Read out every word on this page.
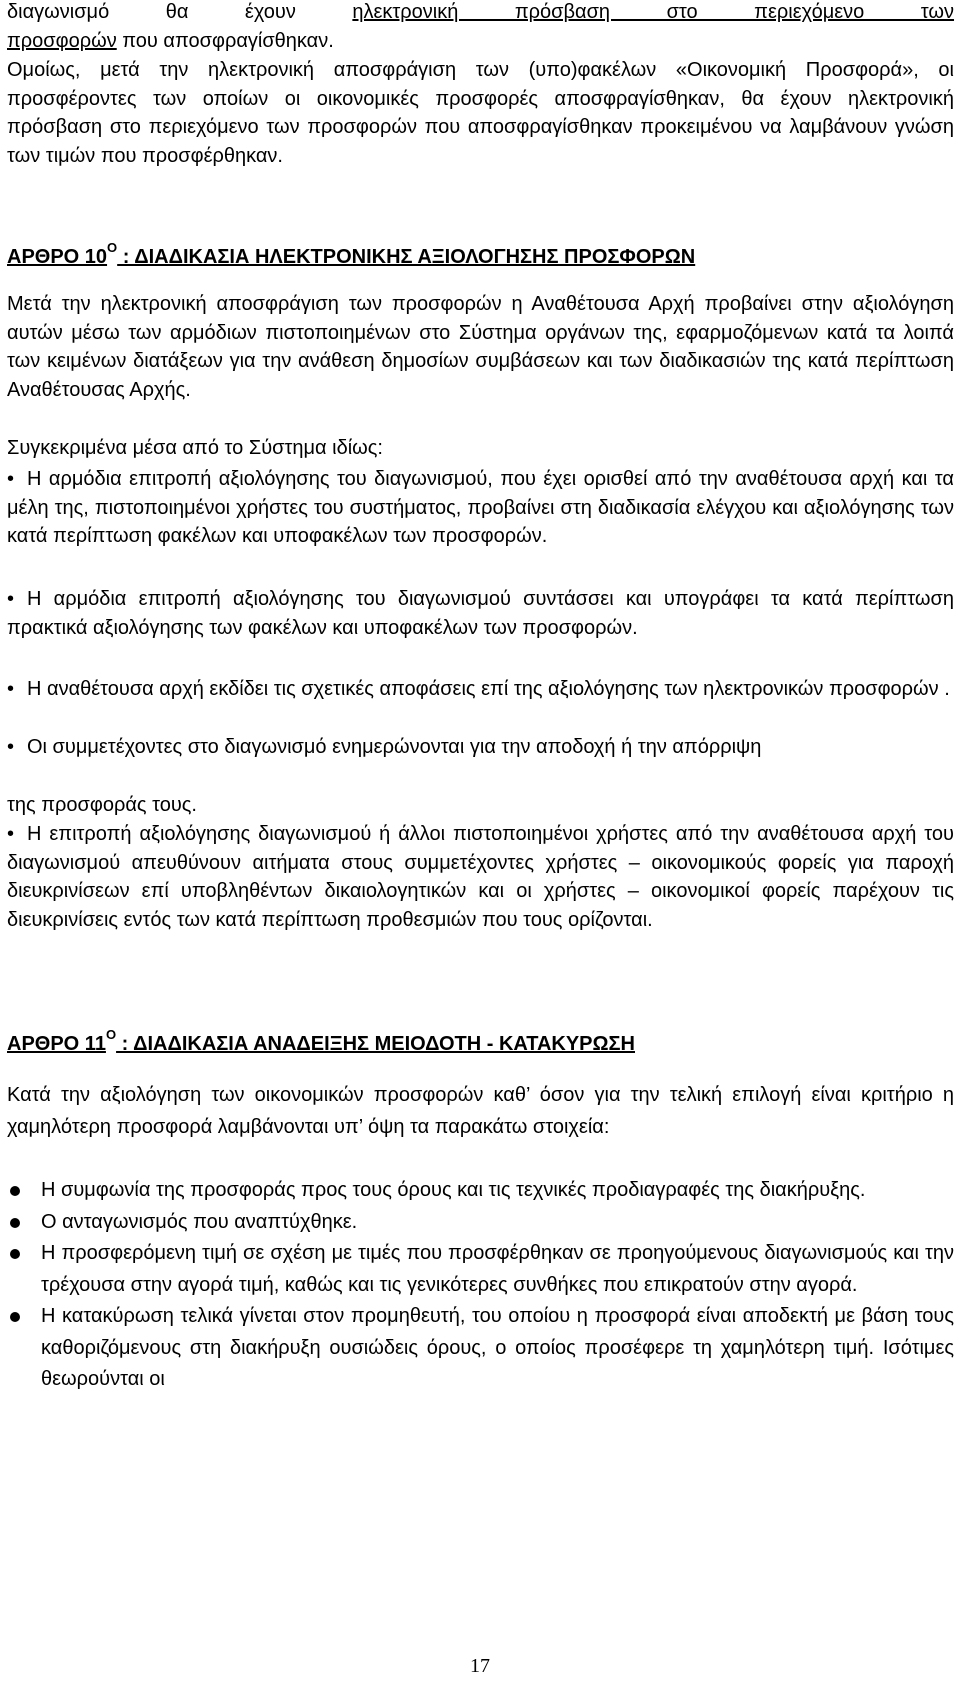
διαγωνισμό θα έχουν ηλεκτρονική πρόσβαση στο περιεχόμενο των

προσφορών που αποσφραγίσθηκαν.

Ομοίως, μετά την ηλεκτρονική αποσφράγιση των (υπο)φακέλων «Οικονομική Προσφορά», οι προσφέροντες των οποίων οι οικονομικές προσφορές αποσφραγίσθηκαν, θα έχουν ηλεκτρονική πρόσβαση στο περιεχόμενο των προσφορών που αποσφραγίσθηκαν προκειμένου να λαμβάνουν γνώση των τιμών που προσφέρθηκαν.

ΑΡΘΡΟ 10Ο : ΔΙΑΔΙΚΑΣΙΑ ΗΛΕΚΤΡΟΝΙΚΗΣ ΑΞΙΟΛΟΓΗΣΗΣ ΠΡΟΣΦΟΡΩΝ

Μετά την ηλεκτρονική αποσφράγιση των προσφορών η Αναθέτουσα Αρχή προβαίνει στην αξιολόγηση αυτών μέσω των αρμόδιων πιστοποιημένων στο Σύστημα οργάνων της, εφαρμοζόμενων κατά τα λοιπά των κειμένων διατάξεων για την ανάθεση δημοσίων συμβάσεων και των διαδικασιών της κατά περίπτωση Αναθέτουσας Αρχής.

Συγκεκριμένα μέσα από το Σύστημα ιδίως:

• Η αρμόδια επιτροπή αξιολόγησης του διαγωνισμού, που έχει ορισθεί από την αναθέτουσα αρχή και τα μέλη της, πιστοποιημένοι χρήστες του συστήματος, προβαίνει στη διαδικασία ελέγχου και αξιολόγησης των κατά περίπτωση φακέλων και υποφακέλων των προσφορών.

• Η αρμόδια επιτροπή αξιολόγησης του διαγωνισμού συντάσσει και υπογράφει τα κατά περίπτωση πρακτικά αξιολόγησης των φακέλων και υποφακέλων των προσφορών.

• Η αναθέτουσα αρχή εκδίδει τις σχετικές αποφάσεις επί της αξιολόγησης των ηλεκτρονικών προσφορών .

• Οι συμμετέχοντες στο διαγωνισμό ενημερώνονται για την αποδοχή ή την απόρριψη

της προσφοράς τους.

• Η επιτροπή αξιολόγησης διαγωνισμού ή άλλοι πιστοποιημένοι χρήστες από την αναθέτουσα αρχή του διαγωνισμού απευθύνουν αιτήματα στους συμμετέχοντες χρήστες – οικονομικούς φορείς για παροχή διευκρινίσεων επί υποβληθέντων δικαιολογητικών και οι χρήστες – οικονομικοί φορείς παρέχουν τις διευκρινίσεις εντός των κατά περίπτωση προθεσμιών που τους ορίζονται.

ΑΡΘΡΟ 11Ο : ΔΙΑΔΙΚΑΣΙΑ ΑΝΑΔΕΙΞΗΣ ΜΕΙΟΔΟΤΗ - ΚΑΤΑΚΥΡΩΣΗ

Κατά την αξιολόγηση των οικονομικών προσφορών καθ’ όσον για την τελική επιλογή είναι κριτήριο η χαμηλότερη προσφορά λαμβάνονται υπ’ όψη τα παρακάτω στοιχεία:

Η συμφωνία της προσφοράς προς τους όρους και τις τεχνικές προδιαγραφές της διακήρυξης.
Ο ανταγωνισμός που αναπτύχθηκε.
Η προσφερόμενη τιμή σε σχέση με τιμές που προσφέρθηκαν σε προηγούμενους διαγωνισμούς και την τρέχουσα στην αγορά τιμή, καθώς και τις γενικότερες συνθήκες που επικρατούν στην αγορά.
Η κατακύρωση τελικά γίνεται στον προμηθευτή, του οποίου η προσφορά είναι αποδεκτή με βάση τους καθοριζόμενους στη διακήρυξη ουσιώδεις όρους, ο οποίος προσέφερε τη χαμηλότερη τιμή. Ισότιμες θεωρούνται οι
17
